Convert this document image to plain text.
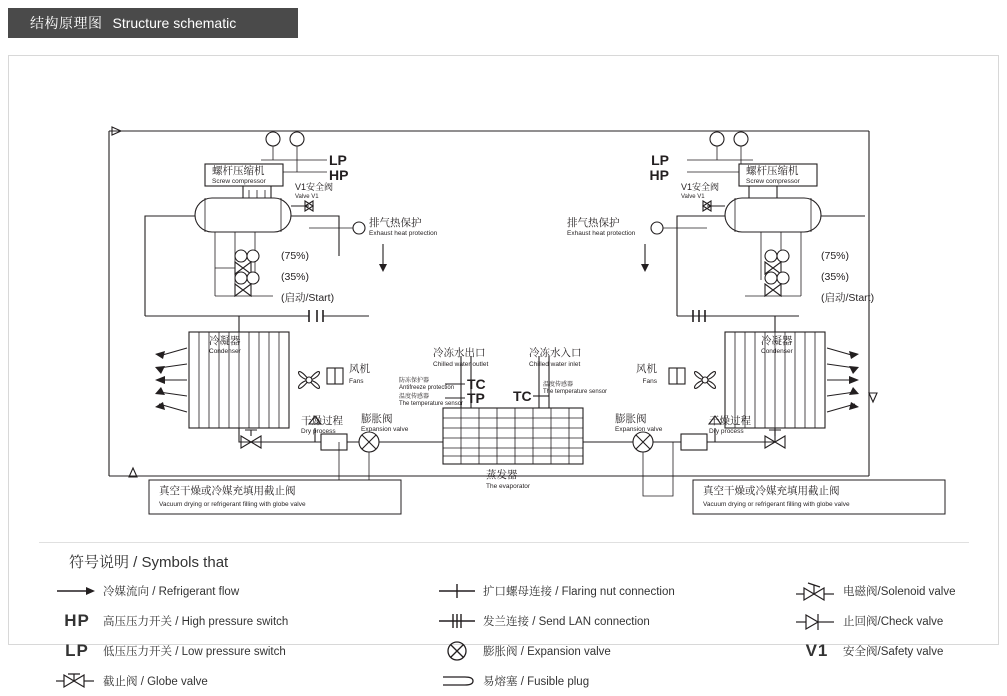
结构原理图 Structure schematic
LP
HP
螺杆压缩机
Screw compressor
V1安全阀
Valve V1
排气热保护
Exhaust heat protection
(75%)
(35%)
(启动/Start)
冷凝器
Condenser
风机
Fans
干燥过程
Dry process
膨胀阀
Expansion valve
真空干燥或冷媒充填用截止阀
Vacuum drying or refrigerant filling with globe valve
蒸发器
The evaporator
冷冻水出口
Chilled water outlet
冷冻水入口
Chilled water inlet
TC
TP
防冻保护器
Antifreeze protection
温度传感器
The temperature sensor	TC
温度传感器
The temperature sensor
LP
HP	螺杆压缩机
Screw compressor
V1安全阀
Valve V1
排气热保护
Exhaust heat protection
(75%)
(35%)
(启动/Start)
冷凝器
Condenser
风机
Fans
干燥过程
Dry process
膨胀阀
Expansion valve
真空干燥或冷媒充填用截止阀
Vacuum drying or refrigerant filling with globe valve
符号说明 / Symbols that
冷媒流向 / Refrigerant flow
HP	高压压力开关 / High pressure switch
LP	低压压力开关 / Low pressure switch
截止阀 / Globe valve
扩口螺母连接 / Flaring nut connection
发兰连接 / Send LAN connection
膨胀阀 / Expansion valve
易熔塞 / Fusible plug
电磁阀/Solenoid valve
止回阀/Check valve
V1	安全阀/Safety valve
